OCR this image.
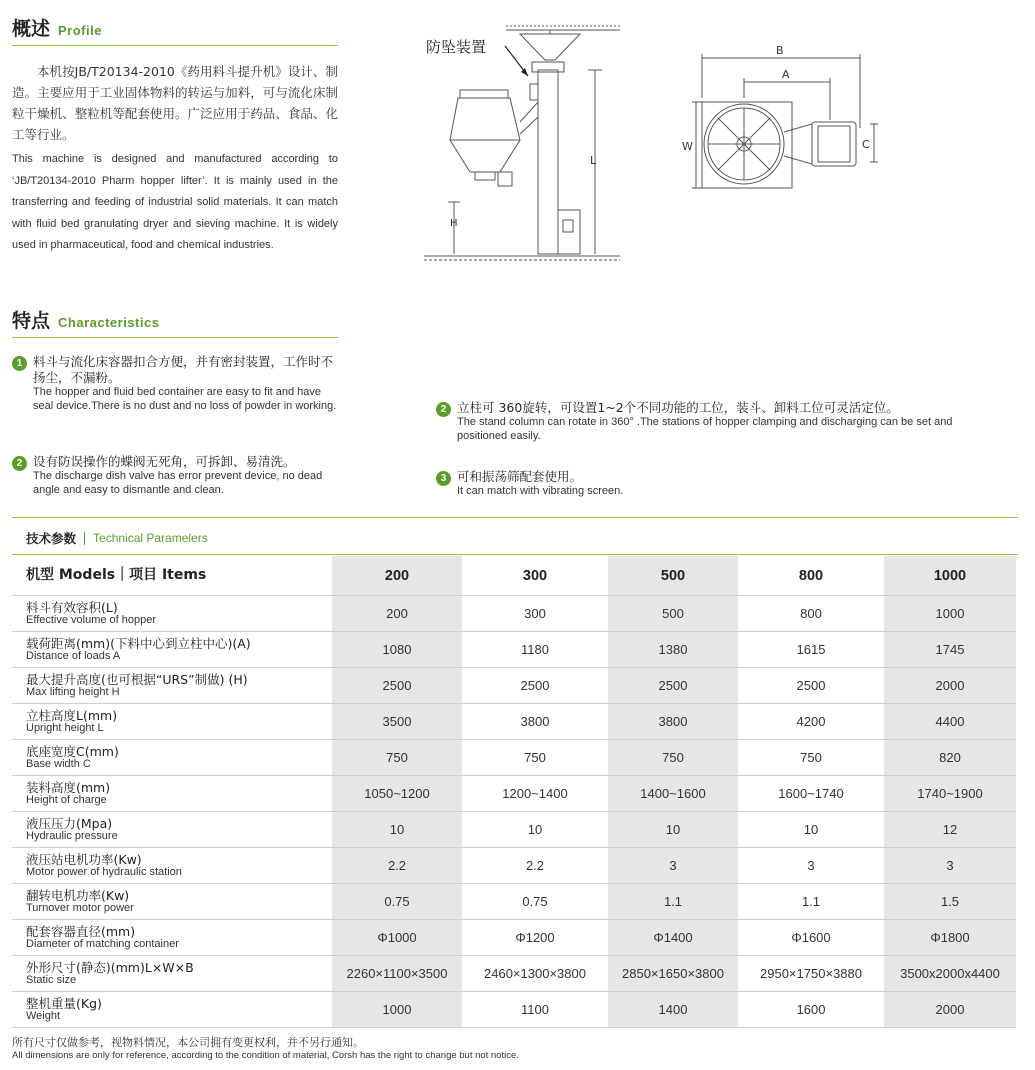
概述 Profile

本机按JB/T20134-2010《药用料斗提升机》设计、制造。主要应用于工业固体物料的转运与加料，可与流化床制粒干燥机、整粒机等配套使用。广泛应用于药品、食品、化工等行业。

This machine is designed and manufactured according to ‘JB/T20134-2010 Pharm hopper lifter’. It is mainly used in the transferring and feeding of industrial solid materials. It can match with fluid bed granulating dryer and sieving machine. It is widely used in pharmaceutical, food and chemical industries.

防坠装置
L
H
B
A
W	C
特点 Characteristics
1 料斗与流化床容器扣合方便，并有密封装置，工作时不扬尘，不漏粉。
The hopper and fluid bed container are easy to fit and have seal device.There is no dust and no loss of powder in working.
2 设有防误操作的蝶阀无死角，可拆卸、易清洗。
The discharge dish valve has error prevent device, no dead angle and easy to dismantle and clean.
2 立柱可 360旋转，可设置1~2个不同功能的工位，装斗、卸料工位可灵活定位。
The stand column can rotate in 360° .The stations of hopper clamping and discharging can be set and positioned easily.
3 可和振荡筛配套使用。
It can match with vibrating screen.
技术参数 Technical Paramelers
机型 Models｜项目 Items	200	300	500	800	1000

料斗有效容积(L)
Effective volume of hopper	200	300	500	800	1000

载荷距离(mm)(下料中心到立柱中心)(A)
Distance of loads A	1080	1180	1380	1615	1745

最大提升高度(也可根据“URS”制做) (H)
Max lifting height H	2500	2500	2500	2500	2000

立柱高度L(mm)
Upright height L	3500	3800	3800	4200	4400

底座宽度C(mm)
Base width C	750	750	750	750	820

装料高度(mm)
Height of charge	1050~1200	1200~1400	1400~1600	1600~1740	1740~1900

液压压力(Mpa)
Hydraulic pressure	10	10	10	10	12

液压站电机功率(Kw)
Motor power of hydraulic station	2.2	2.2	3	3	3

翻转电机功率(Kw)
Turnover motor power	0.75	0.75	1.1	1.1	1.5

配套容器直径(mm)
Diameter of matching container	Φ1000	Φ1200	Φ1400	Φ1600	Φ1800

外形尺寸(静态)(mm)L×W×B
Static size	2260×1100×3500	2460×1300×3800	2850×1650×3800	2950×1750×3880	3500x2000x4400

整机重量(Kg)
Weight	1000	1100	1400	1600	2000
所有尺寸仅做参考，视物料情况，本公司拥有变更权利，并不另行通知。
All dimensions are only for reference, according to the condition of material, Corsh has the right to change but not notice.
